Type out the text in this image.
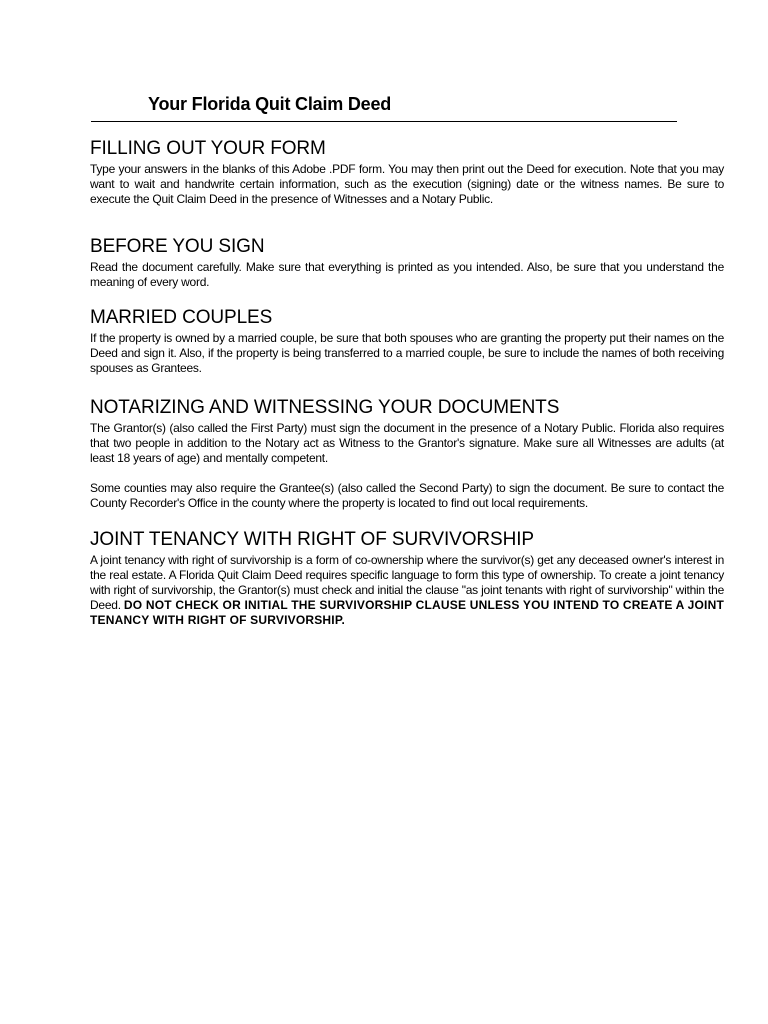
Your Florida Quit Claim Deed
FILLING OUT YOUR FORM

Type your answers in the blanks of this Adobe .PDF form. You may then print out the Deed for execution. Note that you may want to wait and handwrite certain information, such as the execution (signing) date or the witness names. Be sure to execute the Quit Claim Deed in the presence of Witnesses and a Notary Public.

BEFORE YOU SIGN

Read the document carefully. Make sure that everything is printed as you intended. Also, be sure that you understand the meaning of every word.

MARRIED COUPLES

If the property is owned by a married couple, be sure that both spouses who are granting the property put their names on the Deed and sign it. Also, if the property is being transferred to a married couple, be sure to include the names of both receiving spouses as Grantees.

NOTARIZING AND WITNESSING YOUR DOCUMENTS

The Grantor(s) (also called the First Party) must sign the document in the presence of a Notary Public. Florida also requires that two people in addition to the Notary act as Witness to the Grantor's signature. Make sure all Witnesses are adults (at least 18 years of age) and mentally competent.

Some counties may also require the Grantee(s) (also called the Second Party) to sign the document. Be sure to contact the County Recorder's Office in the county where the property is located to find out local requirements.

JOINT TENANCY WITH RIGHT OF SURVIVORSHIP

A joint tenancy with right of survivorship is a form of co-ownership where the survivor(s) get any deceased owner's interest in the real estate. A Florida Quit Claim Deed requires specific language to form this type of ownership. To create a joint tenancy with right of survivorship, the Grantor(s) must check and initial the clause "as joint tenants with right of survivorship" within the Deed. DO NOT CHECK OR INITIAL THE SURVIVORSHIP CLAUSE UNLESS YOU INTEND TO CREATE A JOINT TENANCY WITH RIGHT OF SURVIVORSHIP.
